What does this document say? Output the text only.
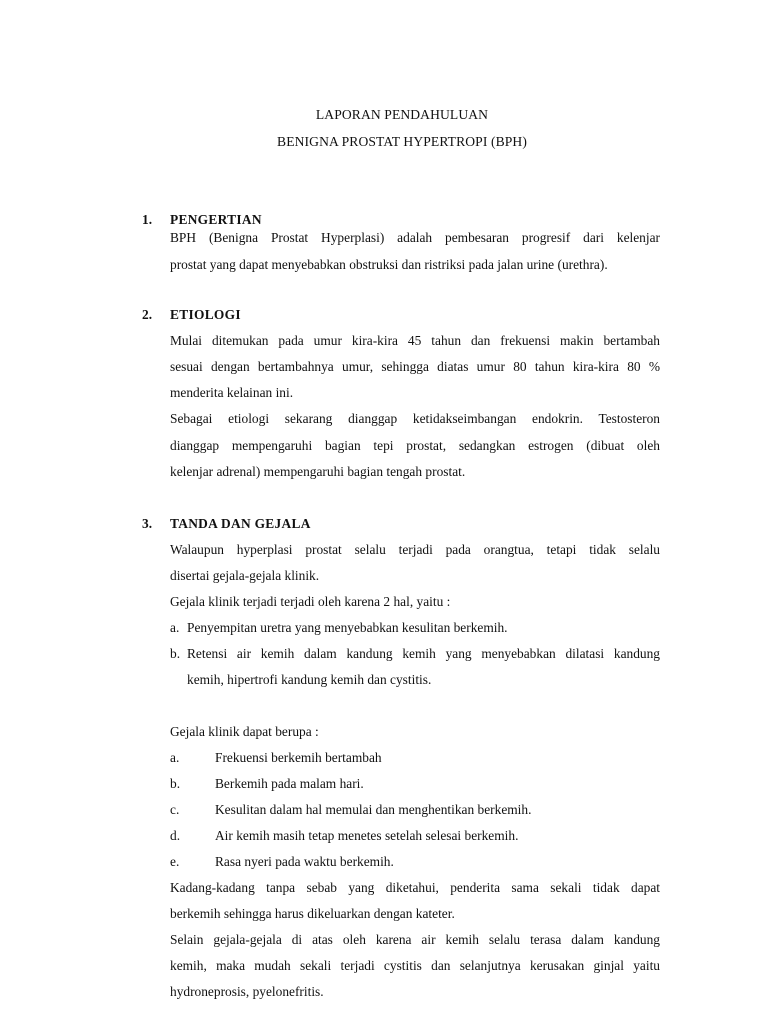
LAPORAN PENDAHULUAN
BENIGNA PROSTAT HYPERTROPI (BPH)
1. PENGERTIAN
BPH (Benigna Prostat Hyperplasi) adalah pembesaran progresif dari kelenjar
prostat yang dapat menyebabkan obstruksi dan ristriksi pada jalan urine (urethra).
2. ETIOLOGI
Mulai ditemukan pada umur kira-kira 45 tahun dan frekuensi makin bertambah
sesuai dengan bertambahnya umur, sehingga diatas umur 80 tahun kira-kira 80 %
menderita kelainan ini.
Sebagai etiologi sekarang dianggap ketidakseimbangan endokrin. Testosteron
dianggap mempengaruhi bagian tepi prostat, sedangkan estrogen (dibuat oleh
kelenjar adrenal) mempengaruhi bagian tengah prostat.
3. TANDA DAN GEJALA
Walaupun hyperplasi prostat selalu terjadi pada orangtua, tetapi tidak selalu
disertai gejala-gejala klinik.
Gejala klinik terjadi terjadi oleh karena 2 hal, yaitu :
a. Penyempitan uretra yang menyebabkan kesulitan berkemih.
b. Retensi air kemih dalam kandung kemih yang menyebabkan dilatasi kandung
kemih, hipertrofi kandung kemih dan cystitis.
Gejala klinik dapat berupa :
a.	Frekuensi berkemih bertambah
b.	Berkemih pada malam hari.
c.	Kesulitan dalam hal memulai dan menghentikan berkemih.
d.	Air kemih masih tetap menetes setelah selesai berkemih.
e.	Rasa nyeri pada waktu berkemih.
Kadang-kadang tanpa sebab yang diketahui, penderita sama sekali tidak dapat
berkemih sehingga harus dikeluarkan dengan kateter.
Selain gejala-gejala di atas oleh karena air kemih selalu terasa dalam kandung
kemih, maka mudah sekali terjadi cystitis dan selanjutnya kerusakan ginjal yaitu
hydroneprosis, pyelonefritis.
